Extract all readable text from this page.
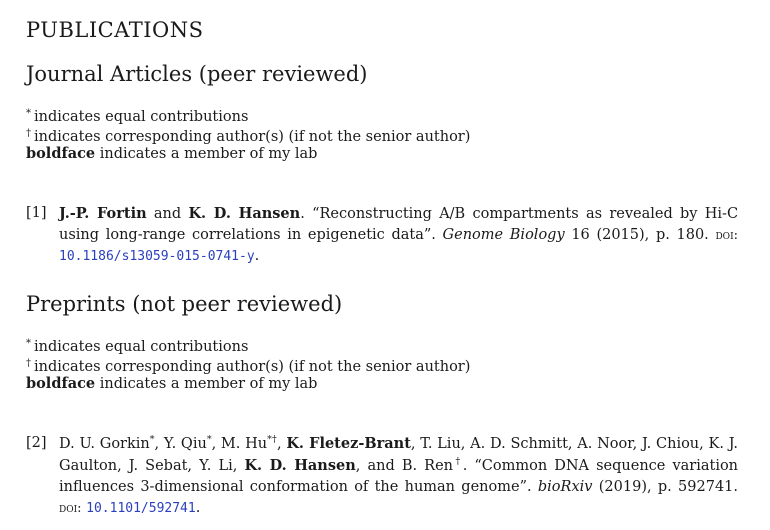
PUBLICATIONS
Journal Articles (peer reviewed)
* indicates equal contributions
† indicates corresponding author(s) (if not the senior author)
boldface indicates a member of my lab
[1] J.-P. Fortin and K. D. Hansen. “Reconstructing A/B compartments as revealed by Hi-C using long-range correlations in epigenetic data”. Genome Biology 16 (2015), p. 180. doi: 10.1186/s13059-015-0741-y.
Preprints (not peer reviewed)
* indicates equal contributions
† indicates corresponding author(s) (if not the senior author)
boldface indicates a member of my lab
[2] D. U. Gorkin*, Y. Qiu*, M. Hu*†, K. Fletez-Brant, T. Liu, A. D. Schmitt, A. Noor, J. Chiou, K. J. Gaulton, J. Sebat, Y. Li, K. D. Hansen, and B. Ren†. “Common DNA sequence variation influences 3-dimensional conformation of the human genome”. bioRxiv (2019), p. 592741. doi: 10.1101/592741.
